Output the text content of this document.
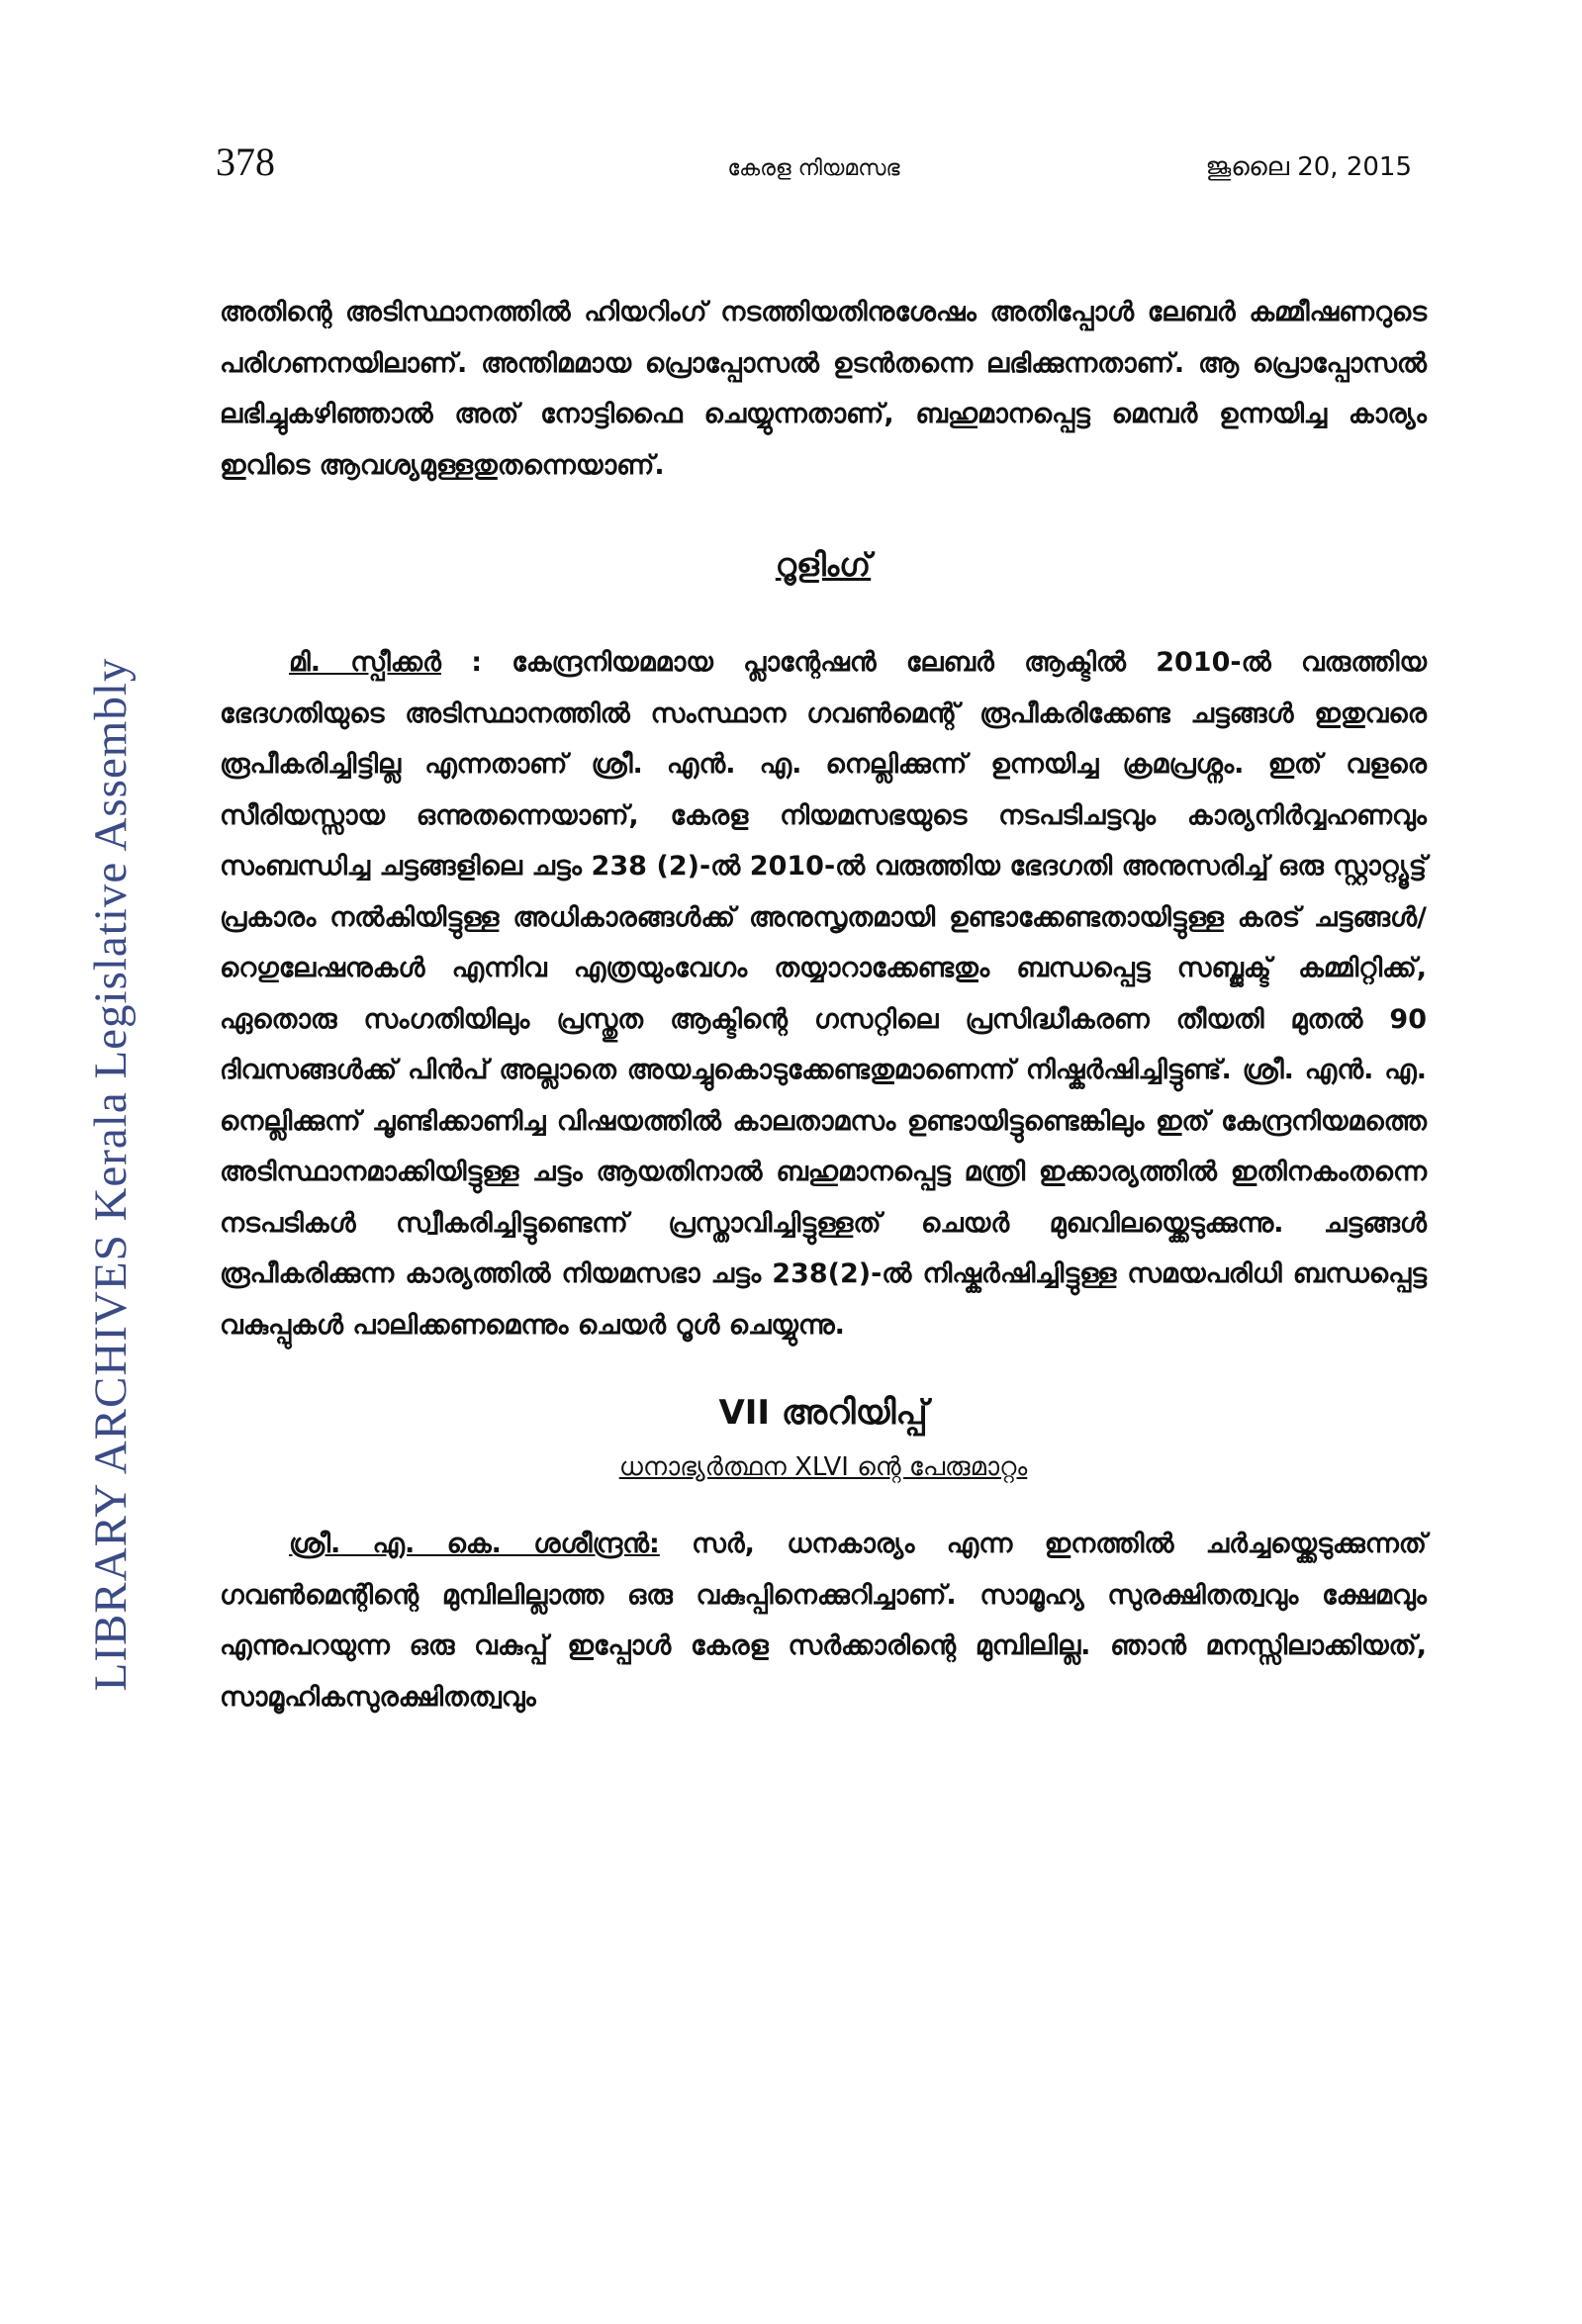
LIBRARY ARCHIVES Kerala Legislative Assembly
378	കേരള നിയമസഭ	ജൂലൈ 20, 2015

അതിന്റെ അടിസ്ഥാനത്തിൽ ഹിയറിംഗ് നടത്തിയതിനുശേഷം അതിപ്പോൾ ലേബർ കമ്മീഷണറുടെ പരിഗണനയിലാണ്. അന്തിമമായ പ്രൊപ്പോസൽ ഉടൻതന്നെ ലഭിക്കുന്നതാണ്. ആ പ്രൊപ്പോസൽ ലഭിച്ചുകഴിഞ്ഞാൽ അത് നോട്ടിഫൈ ചെയ്യുന്നതാണ്, ബഹുമാനപ്പെട്ട മെമ്പർ ഉന്നയിച്ച കാര്യം ഇവിടെ ആവശ്യമുള്ളതുതന്നെയാണ്.

റൂളിംഗ്

മി. സ്പീക്കർ : കേന്ദ്രനിയമമായ പ്ലാന്റേഷൻ ലേബർ ആക്ടിൽ 2010-ൽ വരുത്തിയ ഭേദഗതിയുടെ അടിസ്ഥാനത്തിൽ സംസ്ഥാന ഗവൺമെന്റ് രൂപീകരിക്കേണ്ട ചട്ടങ്ങൾ ഇതുവരെ രൂപീകരിച്ചിട്ടില്ല എന്നതാണ് ശ്രീ. എൻ. എ. നെല്ലിക്കുന്ന് ഉന്നയിച്ച ക്രമപ്രശ്നം. ഇത് വളരെ സീരിയസ്സായ ഒന്നുതന്നെയാണ്, കേരള നിയമസഭയുടെ നടപടിചട്ടവും കാര്യനിർവ്വഹണവും സംബന്ധിച്ച ചട്ടങ്ങളിലെ ചട്ടം 238 (2)-ൽ 2010-ൽ വരുത്തിയ ഭേദഗതി അനുസരിച്ച് ഒരു സ്റ്റാറ്റ്യൂട്ട് പ്രകാരം നൽകിയിട്ടുള്ള അധികാരങ്ങൾക്ക് അനുസൃതമായി ഉണ്ടാക്കേണ്ടതായിട്ടുള്ള കരട് ചട്ടങ്ങൾ/റെഗുലേഷനുകൾ എന്നിവ എത്രയുംവേഗം തയ്യാറാക്കേണ്ടതും ബന്ധപ്പെട്ട സബ്ജക്ട് കമ്മിറ്റിക്ക്, ഏതൊരു സംഗതിയിലും പ്രസ്തുത ആക്ടിന്റെ ഗസറ്റിലെ പ്രസിദ്ധീകരണ തീയതി മുതൽ 90 ദിവസങ്ങൾക്ക് പിൻപ് അല്ലാതെ അയച്ചുകൊടുക്കേണ്ടതുമാണെന്ന് നിഷ്കർഷിച്ചിട്ടുണ്ട്. ശ്രീ. എൻ. എ. നെല്ലിക്കുന്ന് ചൂണ്ടിക്കാണിച്ച വിഷയത്തിൽ കാലതാമസം ഉണ്ടായിട്ടുണ്ടെങ്കിലും ഇത് കേന്ദ്രനിയമത്തെ അടിസ്ഥാനമാക്കിയിട്ടുള്ള ചട്ടം ആയതിനാൽ ബഹുമാനപ്പെട്ട മന്ത്രി ഇക്കാര്യത്തിൽ ഇതിനകംതന്നെ നടപടികൾ സ്വീകരിച്ചിട്ടുണ്ടെന്ന് പ്രസ്താവിച്ചിട്ടുള്ളത് ചെയർ മുഖവിലയ്ക്കെടുക്കുന്നു. ചട്ടങ്ങൾ രൂപീകരിക്കുന്ന കാര്യത്തിൽ നിയമസഭാ ചട്ടം 238(2)-ൽ നിഷ്കർഷിച്ചിട്ടുള്ള സമയപരിധി ബന്ധപ്പെട്ട വകുപ്പുകൾ പാലിക്കണമെന്നും ചെയർ റൂൾ ചെയ്യുന്നു.

VII അറിയിപ്പ്
ധനാഭ്യർത്ഥന XLVI ന്റെ പേരുമാറ്റം

ശ്രീ. എ. കെ. ശശീന്ദ്രൻ: സർ, ധനകാര്യം എന്ന ഇനത്തിൽ ചർച്ചയ്ക്കെടുക്കുന്നത് ഗവൺമെന്റിന്റെ മുമ്പിലില്ലാത്ത ഒരു വകുപ്പിനെക്കുറിച്ചാണ്. സാമൂഹ്യ സുരക്ഷിതത്വവും ക്ഷേമവും എന്നുപറയുന്ന ഒരു വകുപ്പ് ഇപ്പോൾ കേരള സർക്കാരിന്റെ മുമ്പിലില്ല. ഞാൻ മനസ്സിലാക്കിയത്, സാമൂഹികസുരക്ഷിതത്വവും
